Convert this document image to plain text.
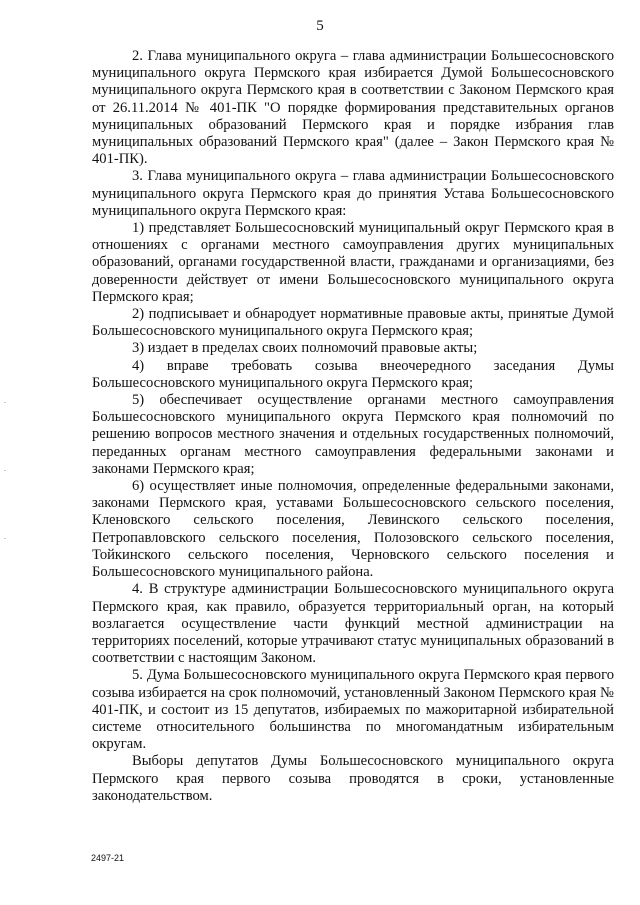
5

2. Глава муниципального округа – глава администрации Большесосновского муниципального округа Пермского края избирается Думой Большесосновского муниципального округа Пермского края в соответствии с Законом Пермского края от 26.11.2014 № 401-ПК "О порядке формирования представительных органов муниципальных образований Пермского края и порядке избрания глав муниципальных образований Пермского края" (далее – Закон Пермского края № 401-ПК).

3. Глава муниципального округа – глава администрации Большесосновского муниципального округа Пермского края до принятия Устава Большесосновского муниципального округа Пермского края:

1) представляет Большесосновский муниципальный округ Пермского края в отношениях с органами местного самоуправления других муниципальных образований, органами государственной власти, гражданами и организациями, без доверенности действует от имени Большесосновского муниципального округа Пермского края;

2) подписывает и обнародует нормативные правовые акты, принятые Думой Большесосновского муниципального округа Пермского края;

3) издает в пределах своих полномочий правовые акты;

4) вправе требовать созыва внеочередного заседания Думы Большесосновского муниципального округа Пермского края;

5) обеспечивает осуществление органами местного самоуправления Большесосновского муниципального округа Пермского края полномочий по решению вопросов местного значения и отдельных государственных полномочий, переданных органам местного самоуправления федеральными законами и законами Пермского края;

6) осуществляет иные полномочия, определенные федеральными законами, законами Пермского края, уставами Большесосновского сельского поселения, Кленовского сельского поселения, Левинского сельского поселения, Петропавловского сельского поселения, Полозовского сельского поселения, Тойкинского сельского поселения, Черновского сельского поселения и Большесосновского муниципального района.

4. В структуре администрации Большесосновского муниципального округа Пермского края, как правило, образуется территориальный орган, на который возлагается осуществление части функций местной администрации на территориях поселений, которые утрачивают статус муниципальных образований в соответствии с настоящим Законом.

5. Дума Большесосновского муниципального округа Пермского края первого созыва избирается на срок полномочий, установленный Законом Пермского края № 401-ПК, и состоит из 15 депутатов, избираемых по мажоритарной избирательной системе относительного большинства по многомандатным избирательным округам.

Выборы депутатов Думы Большесосновского муниципального округа Пермского края первого созыва проводятся в сроки, установленные законодательством.

2497-21
